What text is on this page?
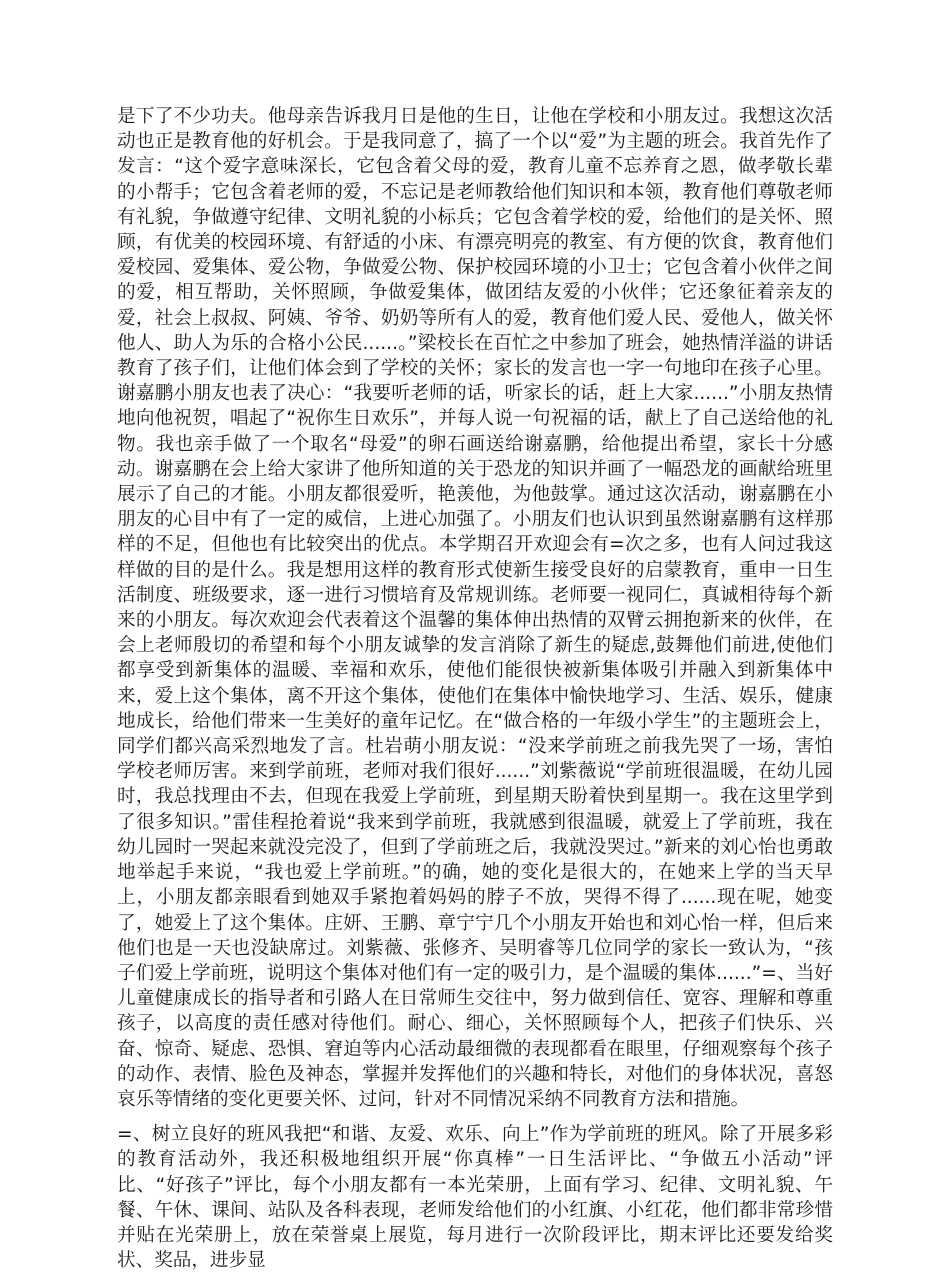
是下了不少功夫。他母亲告诉我月日是他的生日，让他在学校和小朋友过。我想这次活动也正是教育他的好机会。于是我同意了，搞了一个以“爱”为主题的班会。我首先作了发言：“这个爱字意味深长，它包含着父母的爱，教育儿童不忘养育之恩，做孝敬长辈的小帮手；它包含着老师的爱，不忘记是老师教给他们知识和本领，教育他们尊敬老师有礼貌，争做遵守纪律、文明礼貌的小标兵；它包含着学校的爱，给他们的是关怀、照顾，有优美的校园环境、有舒适的小床、有漂亮明亮的教室、有方便的饮食，教育他们爱校园、爱集体、爱公物，争做爱公物、保护校园环境的小卫士；它包含着小伙伴之间的爱，相互帮助，关怀照顾，争做爱集体，做团结友爱的小伙伴；它还象征着亲友的爱，社会上叔叔、阿姨、爷爷、奶奶等所有人的爱，教育他们爱人民、爱他人，做关怀他人、助人为乐的合格小公民......。”梁校长在百忙之中参加了班会，她热情洋溢的讲话教育了孩子们，让他们体会到了学校的关怀；家长的发言也一字一句地印在孩子心里。谢嘉鹏小朋友也表了决心：“我要听老师的话，听家长的话，赶上大家......”小朋友热情地向他祝贺，唱起了“祝你生日欢乐”，并每人说一句祝福的话，献上了自己送给他的礼物。我也亲手做了一个取名“母爱”的卵石画送给谢嘉鹏，给他提出希望，家长十分感动。谢嘉鹏在会上给大家讲了他所知道的关于恐龙的知识并画了一幅恐龙的画献给班里展示了自己的才能。小朋友都很爱听，艳羡他，为他鼓掌。通过这次活动，谢嘉鹏在小朋友的心目中有了一定的威信，上进心加强了。小朋友们也认识到虽然谢嘉鹏有这样那样的不足，但他也有比较突出的优点。本学期召开欢迎会有=次之多，也有人问过我这样做的目的是什么。我是想用这样的教育形式使新生接受良好的启蒙教育，重申一日生活制度、班级要求，逐一进行习惯培育及常规训练。老师要一视同仁，真诚相待每个新来的小朋友。每次欢迎会代表着这个温馨的集体伸出热情的双臂云拥抱新来的伙伴，在会上老师殷切的希望和每个小朋友诚挚的发言消除了新生的疑虑,鼓舞他们前进,使他们都享受到新集体的温暖、幸福和欢乐，使他们能很快被新集体吸引并融入到新集体中来，爱上这个集体，离不开这个集体，使他们在集体中愉快地学习、生活、娱乐，健康地成长，给他们带来一生美好的童年记忆。在“做合格的一年级小学生”的主题班会上，同学们都兴高采烈地发了言。杜岩萌小朋友说：“没来学前班之前我先哭了一场，害怕学校老师厉害。来到学前班，老师对我们很好......”刘紫薇说“学前班很温暖，在幼儿园时，我总找理由不去，但现在我爱上学前班，到星期天盼着快到星期一。我在这里学到了很多知识。”雷佳程抢着说“我来到学前班，我就感到很温暖，就爱上了学前班，我在幼儿园时一哭起来就没完没了，但到了学前班之后，我就没哭过。”新来的刘心怡也勇敢地举起手来说，“我也爱上学前班。”的确，她的变化是很大的，在她来上学的当天早上，小朋友都亲眼看到她双手紧抱着妈妈的脖子不放，哭得不得了......现在呢，她变了，她爱上了这个集体。庄妍、王鹏、章宁宁几个小朋友开始也和刘心怡一样，但后来他们也是一天也没缺席过。刘紫薇、张修齐、吴明睿等几位同学的家长一致认为，“孩子们爱上学前班，说明这个集体对他们有一定的吸引力，是个温暖的集体......”=、当好儿童健康成长的指导者和引路人在日常师生交往中，努力做到信任、宽容、理解和尊重孩子，以高度的责任感对待他们。耐心、细心，关怀照顾每个人，把孩子们快乐、兴奋、惊奇、疑虑、恐惧、窘迫等内心活动最细微的表现都看在眼里，仔细观察每个孩子的动作、表情、脸色及神态，掌握并发挥他们的兴趣和特长，对他们的身体状况，喜怒哀乐等情绪的变化更要关怀、过问，针对不同情况采纳不同教育方法和措施。

=、树立良好的班风我把“和谐、友爱、欢乐、向上”作为学前班的班风。除了开展多彩的教育活动外，我还积极地组织开展“你真棒”一日生活评比、“争做五小活动”评比、“好孩子”评比，每个小朋友都有一本光荣册，上面有学习、纪律、文明礼貌、午餐、午休、课间、站队及各科表现，老师发给他们的小红旗、小红花，他们都非常珍惜并贴在光荣册上，放在荣誉桌上展览，每月进行一次阶段评比，期末评比还要发给奖状、奖品，进步显
